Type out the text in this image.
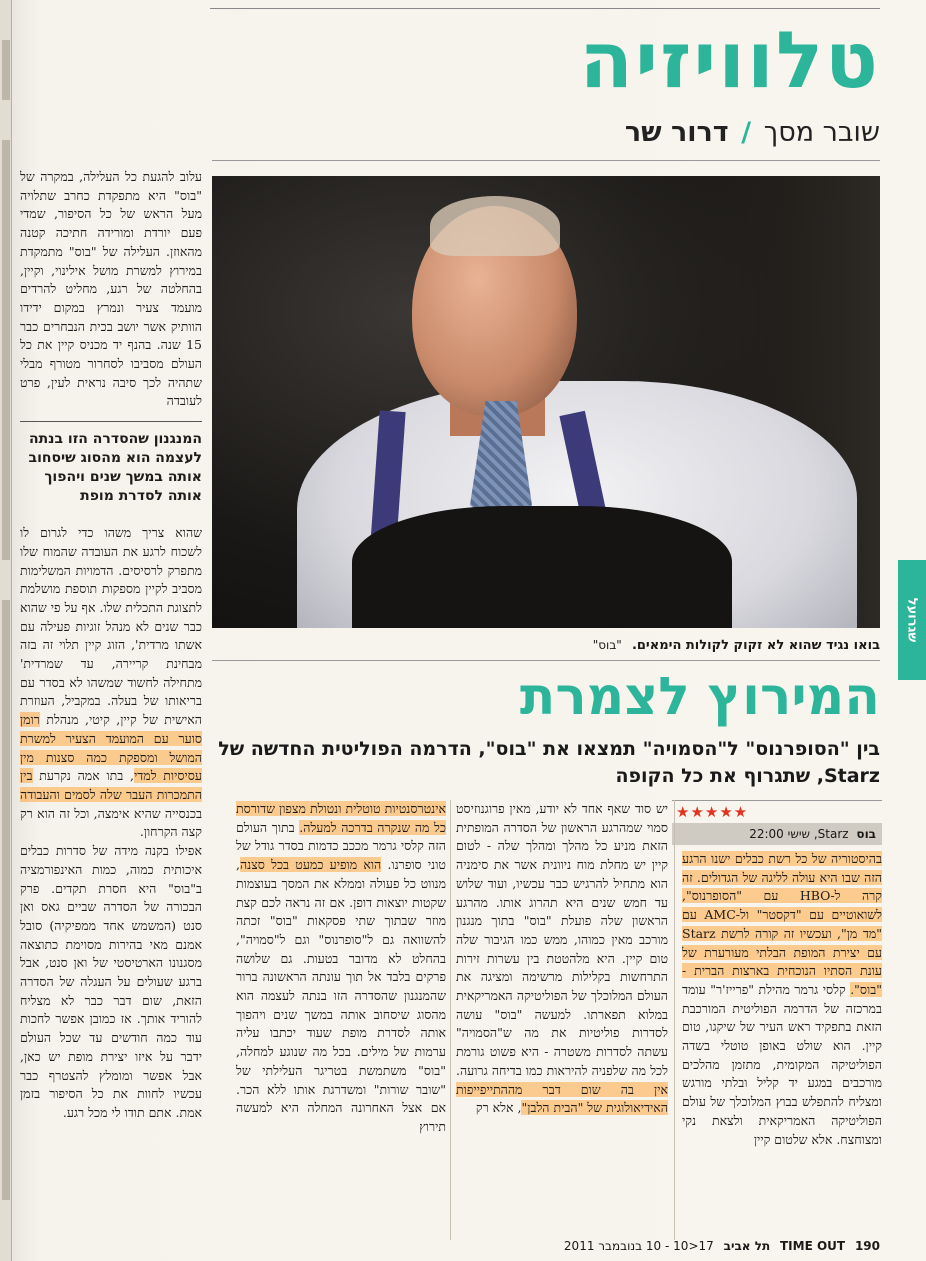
טלוויזיה
שובר מסך / דרור שר
בואו נגיד שהוא לא זקוק לקולות הימאים. "בוס"
המירוץ לצמרת
בין "הסופרנוס" ל"הסמויה" תמצאו את "בוס", הדרמה הפוליטית החדשה של Starz, שתגרוף את כל הקופה
שגרועל

עלוב להגעת כל העלילה, במקרה של "בוס" היא מתפקדת כחרב שתלויה מעל הראש של כל הסיפור, שמדי פעם יורדת ומורידה חתיכה קטנה מהאוזן. העלילה של "בוס" מתמקדת במירוץ למשרת מושל אילינוי, וקיין, בהחלטה של רגע, מחליט להרדים מועמד צעיר ונמרץ במקום ידידו הוותיק אשר יושב בכית הנבחרים כבר 15 שנה. בהנף יד מכניס קיין את כל העולם מסביבו לסחרור מטורף מבלי שתהיה לכך סיבה נראית לעין, פרט לעובדה

המנגנון שהסדרה הזו בנתה לעצמה הוא מהסוג שיסחוב אותה במשך שנים ויהפוך אותה לסדרת מופת

שהוא צריך משהו כדי לגרום לו לשכוח לרגע את העובדה שהמוח שלו מתפרק לרסיסים. הדמויות המשלימות מסביב לקיין מספקות תוספת מושלמת לתצוגת התכלית שלו. אף על פי שהוא כבר שנים לא מנהל זוגיות פעילה עם אשתו מרדית', הזוג קיין תלוי זה בזה מבחינת קריירה, עד שמרדית' מתחילה לחשוד שמשהו לא בסדר עם בריאותו של בעלה. במקביל, העוזרת האישית של קיין, קיטי, מנהלת רומן סוער עם המועמד הצעיר למשרת המושל ומספקת כמה סצנות מין עסיסיות למדי, בתו אמה נקרעת בין התמכרות העבר שלה לסמים והעבודה בכנסייה שהיא אימצה, וכל זה הוא רק קצה הקרחון.

אפילו בקנה מידה של סדרות כבלים איכותית כמוה, כמות האינפורמציה ב"בוס" היא חסרת תקדים. פרק הבכורה של הסדרה שביים גאס ואן סנט (המשמש אחד ממפיקיה) סובל אמנם מאי בהירות מסוימת כתוצאה מסגנונו הארטיסטי של ואן סנט, אבל ברגע שעולים על העגלה של הסדרה הזאת, שום דבר כבר לא מצליח להוריד אותך. אז כמובן אפשר לחכות עוד כמה חודשים עד שכל העולם ידבר על איזו יצירת מופת יש כאן, אבל אפשר ומומלץ להצטרף כבר עכשיו לחוות את כל הסיפור בזמן אמת. אתם תודו לי מכל רגע.

★★★★★
בוס Starz, שישי 22:00

בהיסטוריה של כל רשת כבלים ישנו הרגע הזה שבו היא עולה לליגה של הגדולים. זה קרה ל-HBO עם "הסופרנוס", לשואוטיים עם "דקסטר" ול-AMC עם "מד מן", ועכשיו זה קורה לרשת Starz עם יצירת המופת הבלתי מעורערת של עונת הסתיו הנוכחית בארצות הברית - "בוס". קלסי גרמר מהילת "פרייז'ר" עומד במרכזה של הדרמה הפוליטית המורכבת הזאת בתפקיד ראש העיר של שיקגו, טום קיין. הוא שולט באופן טוטלי בשדה הפוליטיקה המקומית, מתזמן מהלכים מורכבים במגע יד קליל ובלתי מורגש ומצליח להתפלש בבוץ המלוכלך של עולם הפוליטיקה האמריקאית ולצאת נקי ומצוחצח. אלא שלטום קיין

יש סוד שאף אחד לא יודע, מאין פרוגנוזיסט סמוי שמהרגע הראשון של הסדרה המופתית הזאת מניע כל מהלך ומהלך שלה - לטום קיין יש מחלת מוח ניוונית אשר את סימניה הוא מתחיל להרגיש כבר עכשיו, ועוד שלוש עד חמש שנים היא תהרוג אותו. מהרגע הראשון שלה פועלת "בוס" בתוך מנגנון מורכב מאין כמוהו, ממש כמו הגיבור שלה טום קיין. היא מלהטטת בין עשרות זירות התרחשות בקלילות מרשימה ומציגה את העולם המלוכלך של הפוליטיקה האמריקאית במלוא תפארתו. למעשה "בוס" עושה לסדרות פוליטיות את מה ש"הסמויה" עשתה לסדרות משטרה - היא פשוט גורמת לכל מה שלפניה להיראות כמו בדיחה גרועה. אין בה שום דבר מההתייפייפות האידיאולוגית של "הבית הלבן", אלא רק

אינטרסנטיות טוטלית ונטולת מצפון שדורסת כל מה שנקרה בדרכה למעלה. בתוך העולם הזה קלסי גרמר מככב כדמות בסדר גודל של טוני סופרנו. הוא מופיע כמעט בכל סצנה, מנווט כל פעולה וממלא את המסך בעוצמות שקטות יוצאות דופן. אם זה נראה לכם קצת מוזר שבתוך שתי פסקאות "בוס" זכתה להשוואה גם ל"סופרנוס" וגם ל"סמויה", בהחלט לא מדובר בטעות. גם שלושה פרקים בלבד אל תוך עונתה הראשונה ברור שהמנגנון שהסדרה הזו בנתה לעצמה הוא מהסוג שיסחוב אותה במשך שנים ויהפוך אותה לסדרת מופת שעוד יכתבו עליה ערמות של מילים. בכל מה שנוגע למחלה, "בוס" משתמשת בטריגר העלילתי של "שובר שורות" ומשדרגת אותו ללא הכר. אם אצל האחרונה המחלה היא למעשה תירוץ

190 TIME OUT תל אביב 17<10 - 10 בנובמבר 2011
